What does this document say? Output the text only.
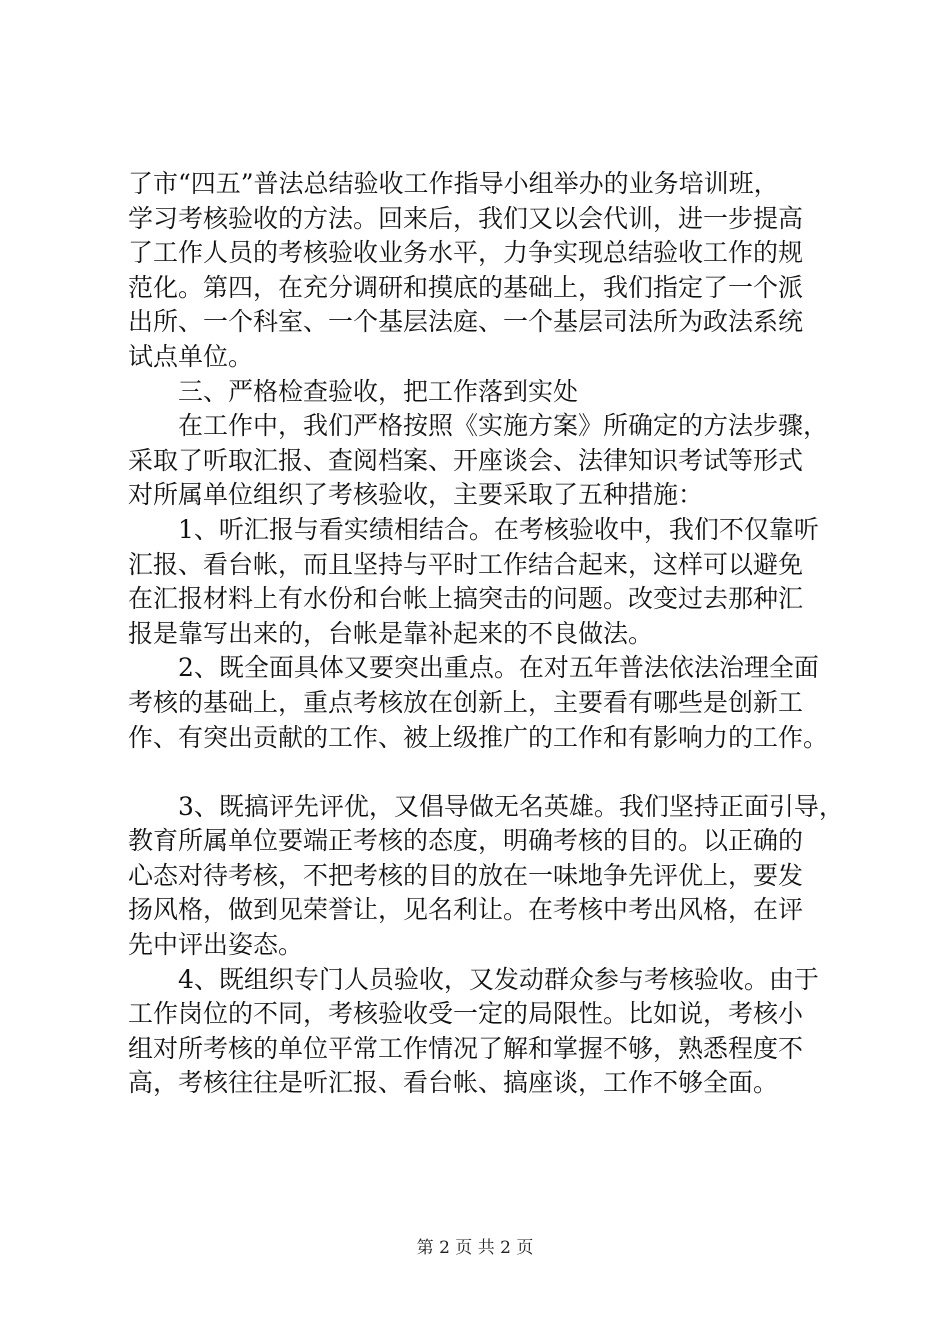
了市“四五”普法总结验收工作指导小组举办的业务培训班，
学习考核验收的方法。回来后，我们又以会代训，进一步提高
了工作人员的考核验收业务水平，力争实现总结验收工作的规
范化。第四，在充分调研和摸底的基础上，我们指定了一个派
出所、一个科室、一个基层法庭、一个基层司法所为政法系统
试点单位。
　　三、严格检查验收，把工作落到实处
　　在工作中，我们严格按照《实施方案》所确定的方法步骤，
采取了听取汇报、查阅档案、开座谈会、法律知识考试等形式
对所属单位组织了考核验收，主要采取了五种措施：
　　1、听汇报与看实绩相结合。在考核验收中，我们不仅靠听
汇报、看台帐，而且坚持与平时工作结合起来，这样可以避免
在汇报材料上有水份和台帐上搞突击的问题。改变过去那种汇
报是靠写出来的，台帐是靠补起来的不良做法。
　　2、既全面具体又要突出重点。在对五年普法依法治理全面
考核的基础上，重点考核放在创新上，主要看有哪些是创新工
作、有突出贡献的工作、被上级推广的工作和有影响力的工作。
　　3、既搞评先评优，又倡导做无名英雄。我们坚持正面引导，
教育所属单位要端正考核的态度，明确考核的目的。以正确的
心态对待考核，不把考核的目的放在一味地争先评优上，要发
扬风格，做到见荣誉让，见名利让。在考核中考出风格，在评
先中评出姿态。
　　4、既组织专门人员验收，又发动群众参与考核验收。由于
工作岗位的不同，考核验收受一定的局限性。比如说，考核小
组对所考核的单位平常工作情况了解和掌握不够，熟悉程度不
高，考核往往是听汇报、看台帐、搞座谈，工作不够全面。
第 2 页 共 2 页
